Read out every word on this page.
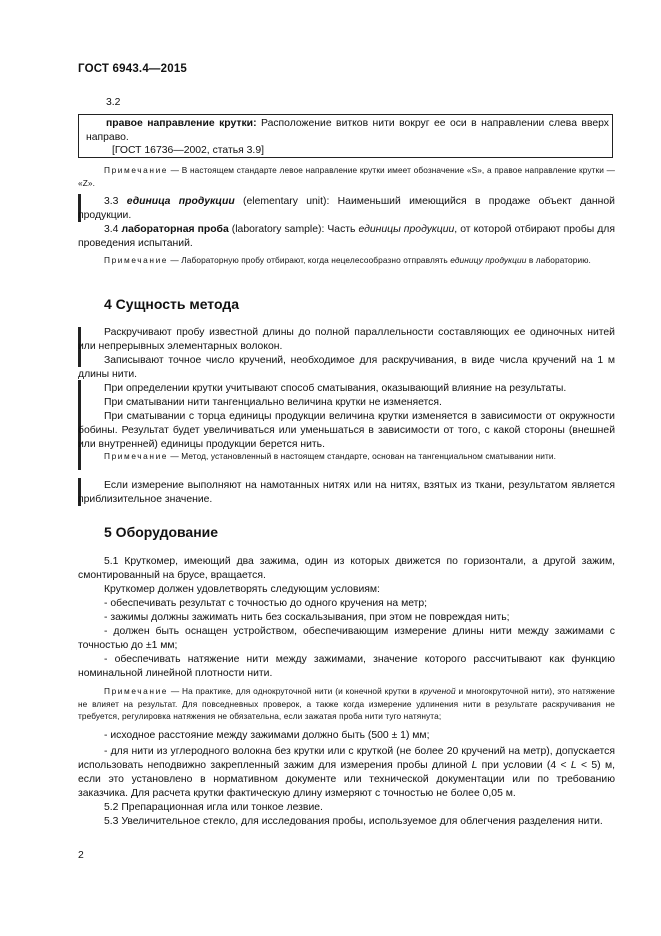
ГОСТ 6943.4—2015
3.2
правое направление крутки: Расположение витков нити вокруг ее оси в направлении слева вверх направо.
[ГОСТ 16736—2002, статья 3.9]
Примечание — В настоящем стандарте левое направление крутки имеет обозначение «S», а правое направление крутки — «Z».
3.3 единица продукции (elementary unit): Наименьший имеющийся в продаже объект данной продукции.
3.4 лабораторная проба (laboratory sample): Часть единицы продукции, от которой отбирают пробы для проведения испытаний.
Примечание — Лабораторную пробу отбирают, когда нецелесообразно отправлять единицу продукции в лабораторию.
4 Сущность метода
Раскручивают пробу известной длины до полной параллельности составляющих ее одиночных нитей или непрерывных элементарных волокон.
Записывают точное число кручений, необходимое для раскручивания, в виде числа кручений на 1 м длины нити.
При определении крутки учитывают способ сматывания, оказывающий влияние на результаты.
При сматывании нити тангенциально величина крутки не изменяется.
При сматывании с торца единицы продукции величина крутки изменяется в зависимости от окружности бобины. Результат будет увеличиваться или уменьшаться в зависимости от того, с какой стороны (внешней или внутренней) единицы продукции берется нить.
Примечание — Метод, установленный в настоящем стандарте, основан на тангенциальном сматывании нити.
Если измерение выполняют на намотанных нитях или на нитях, взятых из ткани, результатом является приблизительное значение.
5 Оборудование
5.1 Круткомер, имеющий два зажима, один из которых движется по горизонтали, а другой зажим, смонтированный на брусе, вращается.
Круткомер должен удовлетворять следующим условиям:
- обеспечивать результат с точностью до одного кручения на метр;
- зажимы должны зажимать нить без соскальзывания, при этом не повреждая нить;
- должен быть оснащен устройством, обеспечивающим измерение длины нити между зажимами с точностью до ±1 мм;
- обеспечивать натяжение нити между зажимами, значение которого рассчитывают как функцию номинальной линейной плотности нити.
Примечание — На практике, для однокруточной нити (и конечной крутки в крученой и многокруточной нити), это натяжение не влияет на результат. Для повседневных проверок, а также когда измерение удлинения нити в результате раскручивания не требуется, регулировка натяжения не обязательна, если зажатая проба нити туго натянута;
- исходное расстояние между зажимами должно быть (500 ± 1) мм;
- для нити из углеродного волокна без крутки или с круткой (не более 20 кручений на метр), допускается использовать неподвижно закрепленный зажим для измерения пробы длиной L при условии (4 < L < 5) м, если это установлено в нормативном документе или технической документации или по требованию заказчика. Для расчета крутки фактическую длину измеряют с точностью не более 0,05 м.
5.2 Препарационная игла или тонкое лезвие.
5.3 Увеличительное стекло, для исследования пробы, используемое для облегчения разделения нити.
2
